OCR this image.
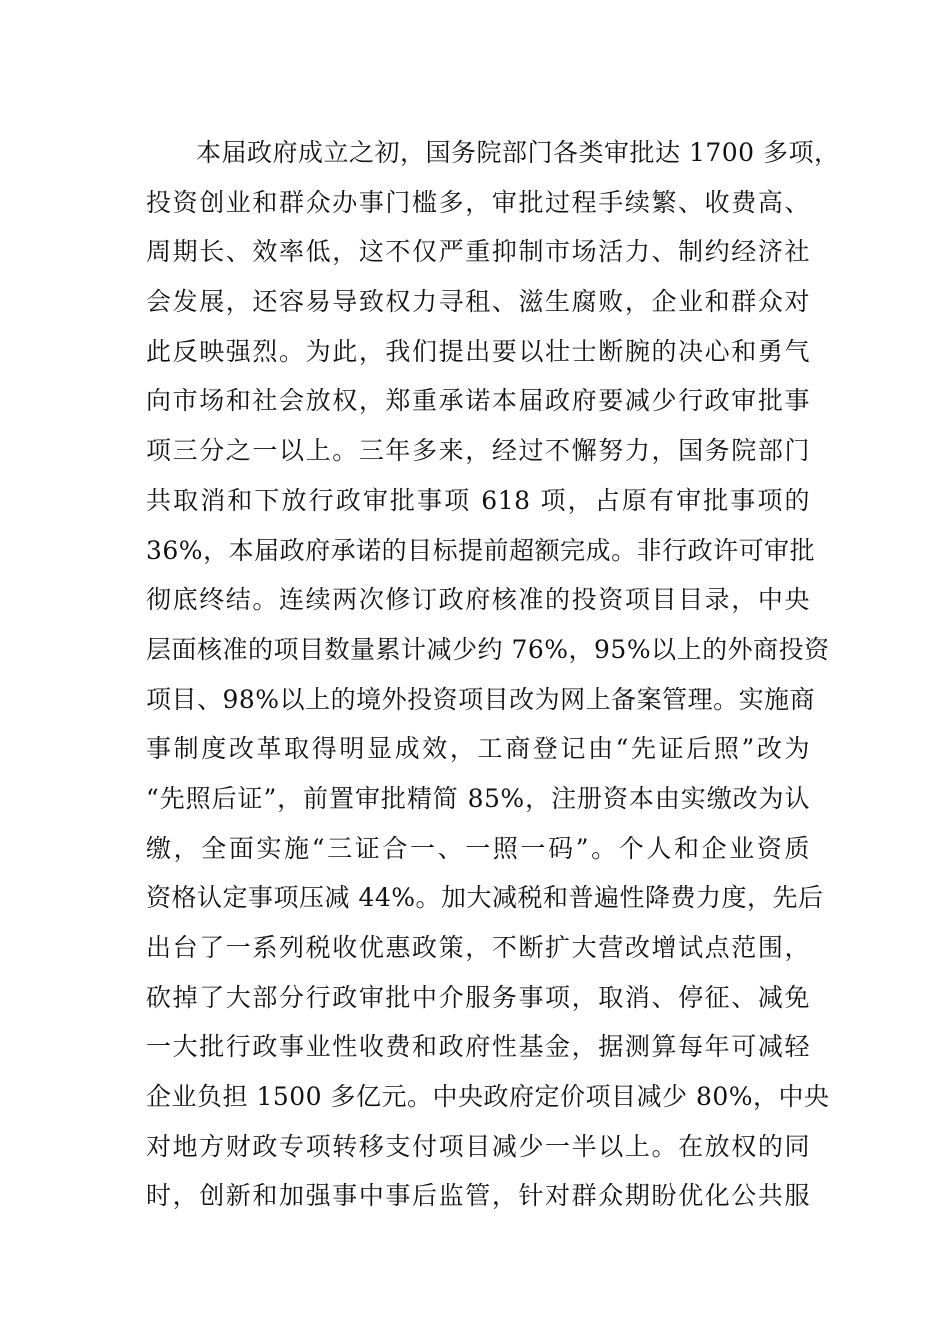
本届政府成立之初，国务院部门各类审批达 1700 多项，
投资创业和群众办事门槛多，审批过程手续繁、收费高、
周期长、效率低，这不仅严重抑制市场活力、制约经济社
会发展，还容易导致权力寻租、滋生腐败，企业和群众对
此反映强烈。为此，我们提出要以壮士断腕的决心和勇气
向市场和社会放权，郑重承诺本届政府要减少行政审批事
项三分之一以上。三年多来，经过不懈努力，国务院部门
共取消和下放行政审批事项 618 项，占原有审批事项的
36%，本届政府承诺的目标提前超额完成。非行政许可审批
彻底终结。连续两次修订政府核准的投资项目目录，中央
层面核准的项目数量累计减少约 76%，95%以上的外商投资
项目、98%以上的境外投资项目改为网上备案管理。实施商
事制度改革取得明显成效，工商登记由“先证后照”改为
“先照后证”，前置审批精简 85%，注册资本由实缴改为认
缴，全面实施“三证合一、一照一码”。个人和企业资质
资格认定事项压减 44%。加大减税和普遍性降费力度，先后
出台了一系列税收优惠政策，不断扩大营改增试点范围，
砍掉了大部分行政审批中介服务事项，取消、停征、减免
一大批行政事业性收费和政府性基金，据测算每年可减轻
企业负担 1500 多亿元。中央政府定价项目减少 80%，中央
对地方财政专项转移支付项目减少一半以上。在放权的同
时，创新和加强事中事后监管，针对群众期盼优化公共服
